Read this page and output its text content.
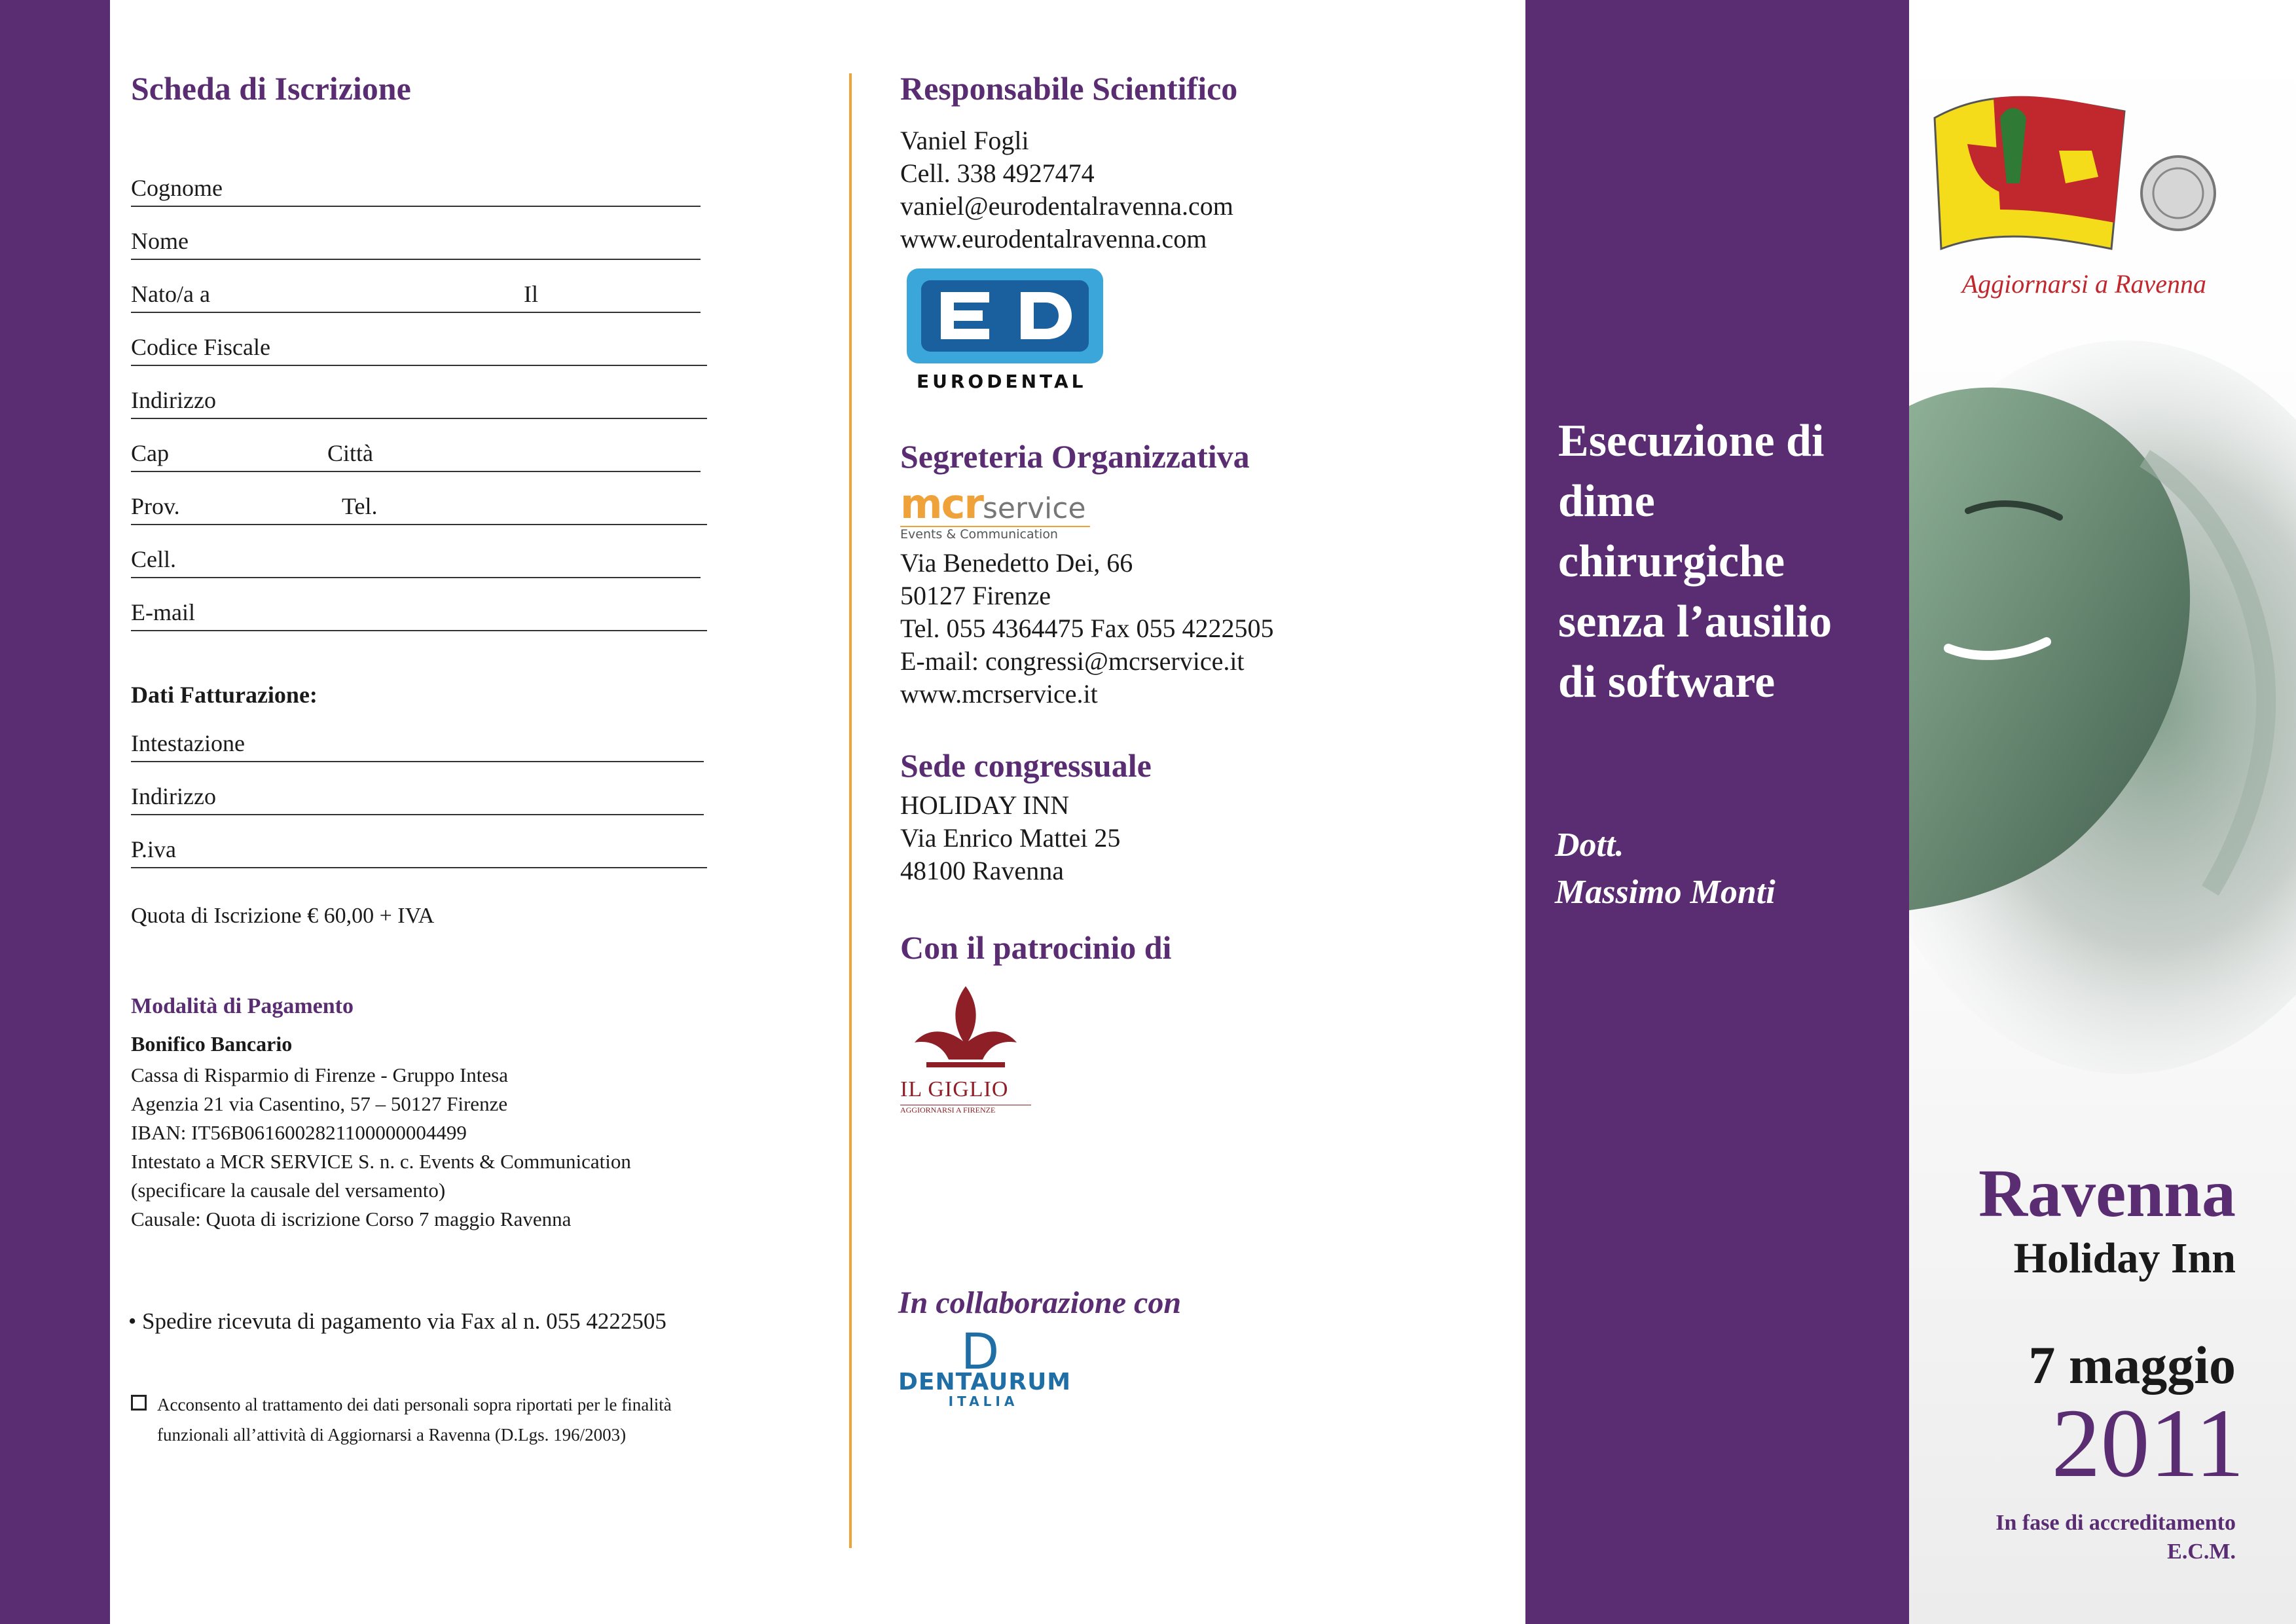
Scheda di Iscrizione
Cognome
Nome
Nato/a a	Il
Codice Fiscale
Indirizzo
Cap	Città
Prov.	Tel.
Cell.
E-mail
Dati Fatturazione:
Intestazione
Indirizzo
P.iva
Quota di Iscrizione € 60,00 + IVA
Modalità di Pagamento
Bonifico Bancario
Cassa di Risparmio di Firenze - Gruppo Intesa
Agenzia 21 via Casentino, 57 – 50127 Firenze
IBAN: IT56B0616002821100000004499
Intestato a MCR SERVICE S. n. c. Events & Communication
(specificare la causale del versamento)
Causale: Quota di iscrizione Corso 7 maggio Ravenna
• Spedire ricevuta di pagamento via Fax al n. 055 4222505
Acconsento al trattamento dei dati personali sopra riportati per le finalità
funzionali all’attività di Aggiornarsi a Ravenna (D.Lgs. 196/2003)
Responsabile Scientifico
Vaniel Fogli
Cell. 338 4927474
vaniel@eurodentalravenna.com
www.eurodentalravenna.com
EURODENTAL
Segreteria Organizzativa
mcrservice
Events & Communication
Via Benedetto Dei, 66
50127 Firenze
Tel. 055 4364475 Fax 055 4222505
E-mail: congressi@mcrservice.it
www.mcrservice.it
Sede congressuale
HOLIDAY INN
Via Enrico Mattei 25
48100 Ravenna
Con il patrocinio di
IL GIGLIO
AGGIORNARSI A FIRENZE
In collaborazione con
D
DENTAURUM
ITALIA
Esecuzione di
dime
chirurgiche
senza l’ausilio
di software
Dott.
Massimo Monti
Aggiornarsi a Ravenna
Ravenna
Holiday Inn
7 maggio
2011
In fase di accreditamento
E.C.M.
